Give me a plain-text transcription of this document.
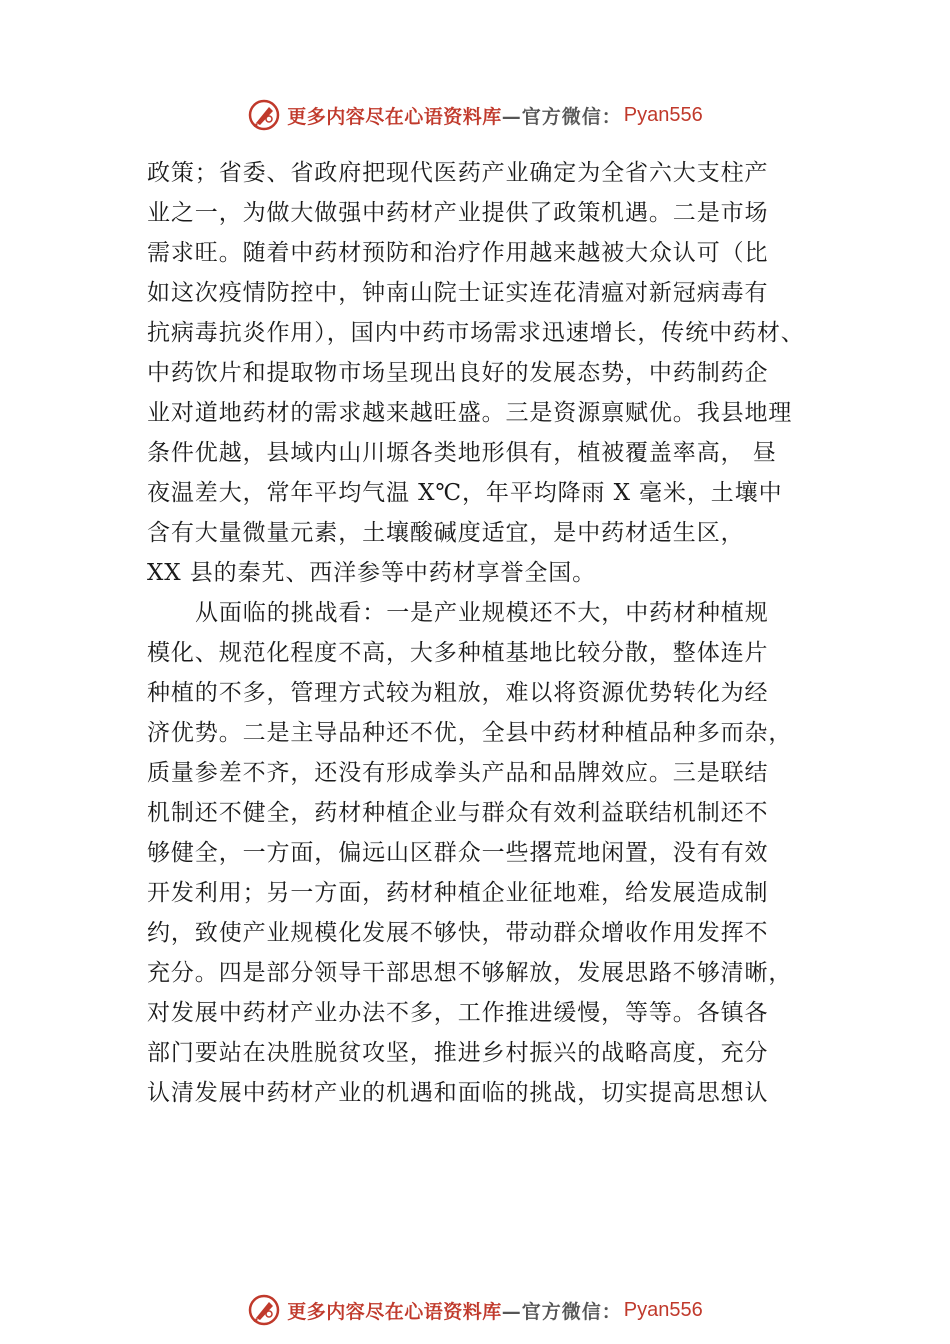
更多内容尽在心语资料库 —官方微信： Pyan556
政策；省委、省政府把现代医药产业确定为全省六大支柱产
业之一，为做大做强中药材产业提供了政策机遇。二是市场
需求旺。随着中药材预防和治疗作用越来越被大众认可（比
如这次疫情防控中，钟南山院士证实连花清瘟对新冠病毒有
抗病毒抗炎作用），国内中药市场需求迅速增长，传统中药材、
中药饮片和提取物市场呈现出良好的发展态势，中药制药企
业对道地药材的需求越来越旺盛。三是资源禀赋优。我县地理
条件优越，县域内山川塬各类地形俱有，植被覆盖率高， 昼
夜温差大，常年平均气温 X℃，年平均降雨 X 毫米，土壤中
含有大量微量元素，土壤酸碱度适宜，是中药材适生区，
XX 县的秦艽、西洋参等中药材享誉全国。
从面临的挑战看：一是产业规模还不大，中药材种植规
模化、规范化程度不高，大多种植基地比较分散，整体连片
种植的不多，管理方式较为粗放，难以将资源优势转化为经
济优势。二是主导品种还不优，全县中药材种植品种多而杂，
质量参差不齐，还没有形成拳头产品和品牌效应。三是联结
机制还不健全，药材种植企业与群众有效利益联结机制还不
够健全，一方面，偏远山区群众一些撂荒地闲置，没有有效
开发利用；另一方面，药材种植企业征地难，给发展造成制
约，致使产业规模化发展不够快，带动群众增收作用发挥不
充分。四是部分领导干部思想不够解放，发展思路不够清晰，
对发展中药材产业办法不多，工作推进缓慢，等等。各镇各
部门要站在决胜脱贫攻坚，推进乡村振兴的战略高度，充分
认清发展中药材产业的机遇和面临的挑战，切实提高思想认
更多内容尽在心语资料库 —官方微信： Pyan556
